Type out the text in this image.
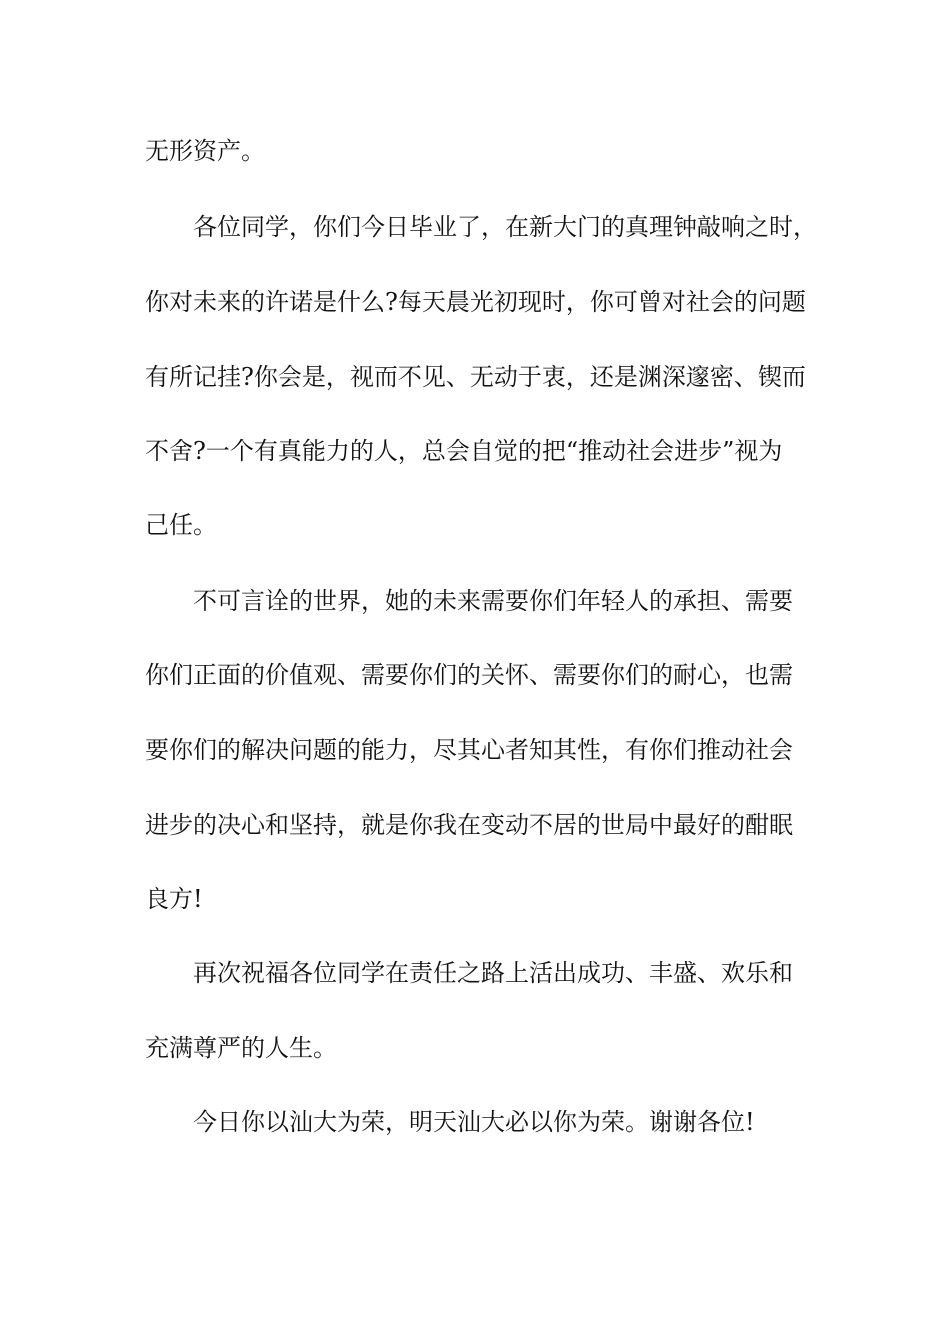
无形资产。
各位同学，你们今日毕业了，在新大门的真理钟敲响之时，
你对未来的许诺是什么?每天晨光初现时，你可曾对社会的问题
有所记挂?你会是，视而不见、无动于衷，还是渊深邃密、锲而
不舍?一个有真能力的人，总会自觉的把“推动社会进步”视为
己任。
不可言诠的世界，她的未来需要你们年轻人的承担、需要
你们正面的价值观、需要你们的关怀、需要你们的耐心，也需
要你们的解决问题的能力，尽其心者知其性，有你们推动社会
进步的决心和坚持，就是你我在变动不居的世局中最好的酣眠
良方!
再次祝福各位同学在责任之路上活出成功、丰盛、欢乐和
充满尊严的人生。
今日你以汕大为荣，明天汕大必以你为荣。谢谢各位!
